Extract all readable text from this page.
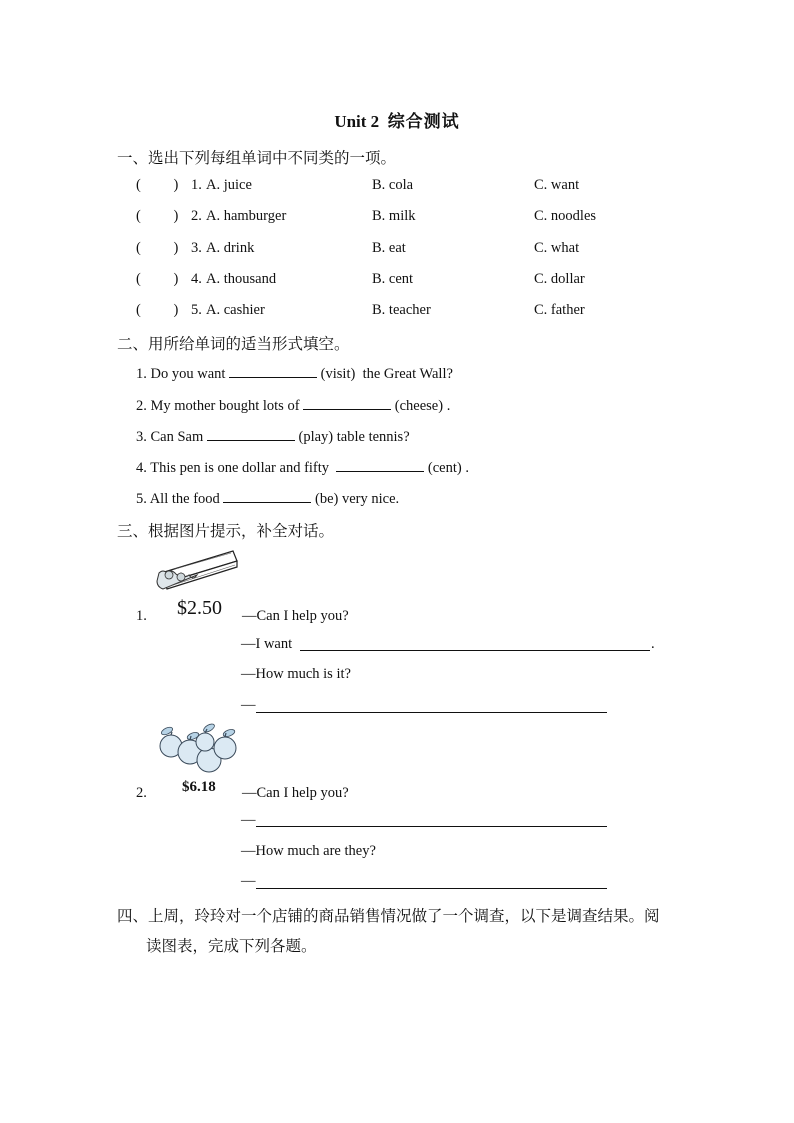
Unit 2 综合测试
一、选出下列每组单词中不同类的一项。
(         ) 1. A. juice	B. cola	C. want
(         ) 2. A. hamburger	B. milk	C. noodles
(         ) 3. A. drink	B. eat	C. what
(         ) 4. A. thousand	B. cent	C. dollar
(         ) 5. A. cashier	B. teacher	C. father
二、用所给单词的适当形式填空。
1. Do you want	(visit) the Great Wall?
2. My mother bought lots of	(cheese) .
3. Can Sam	(play) table tennis?
4. This pen is one dollar and fifty	(cent) .
5. All the food	(be) very nice.
三、根据图片提示，补全对话。
$2.50
1.	—Can I help you?
—I want	.
—How much is it?
—
$6.18
2.	—Can I help you?
—
—How much are they?
—
四、上周，玲玲对一个店铺的商品销售情况做了一个调查，以下是调查结果。阅
读图表，完成下列各题。
